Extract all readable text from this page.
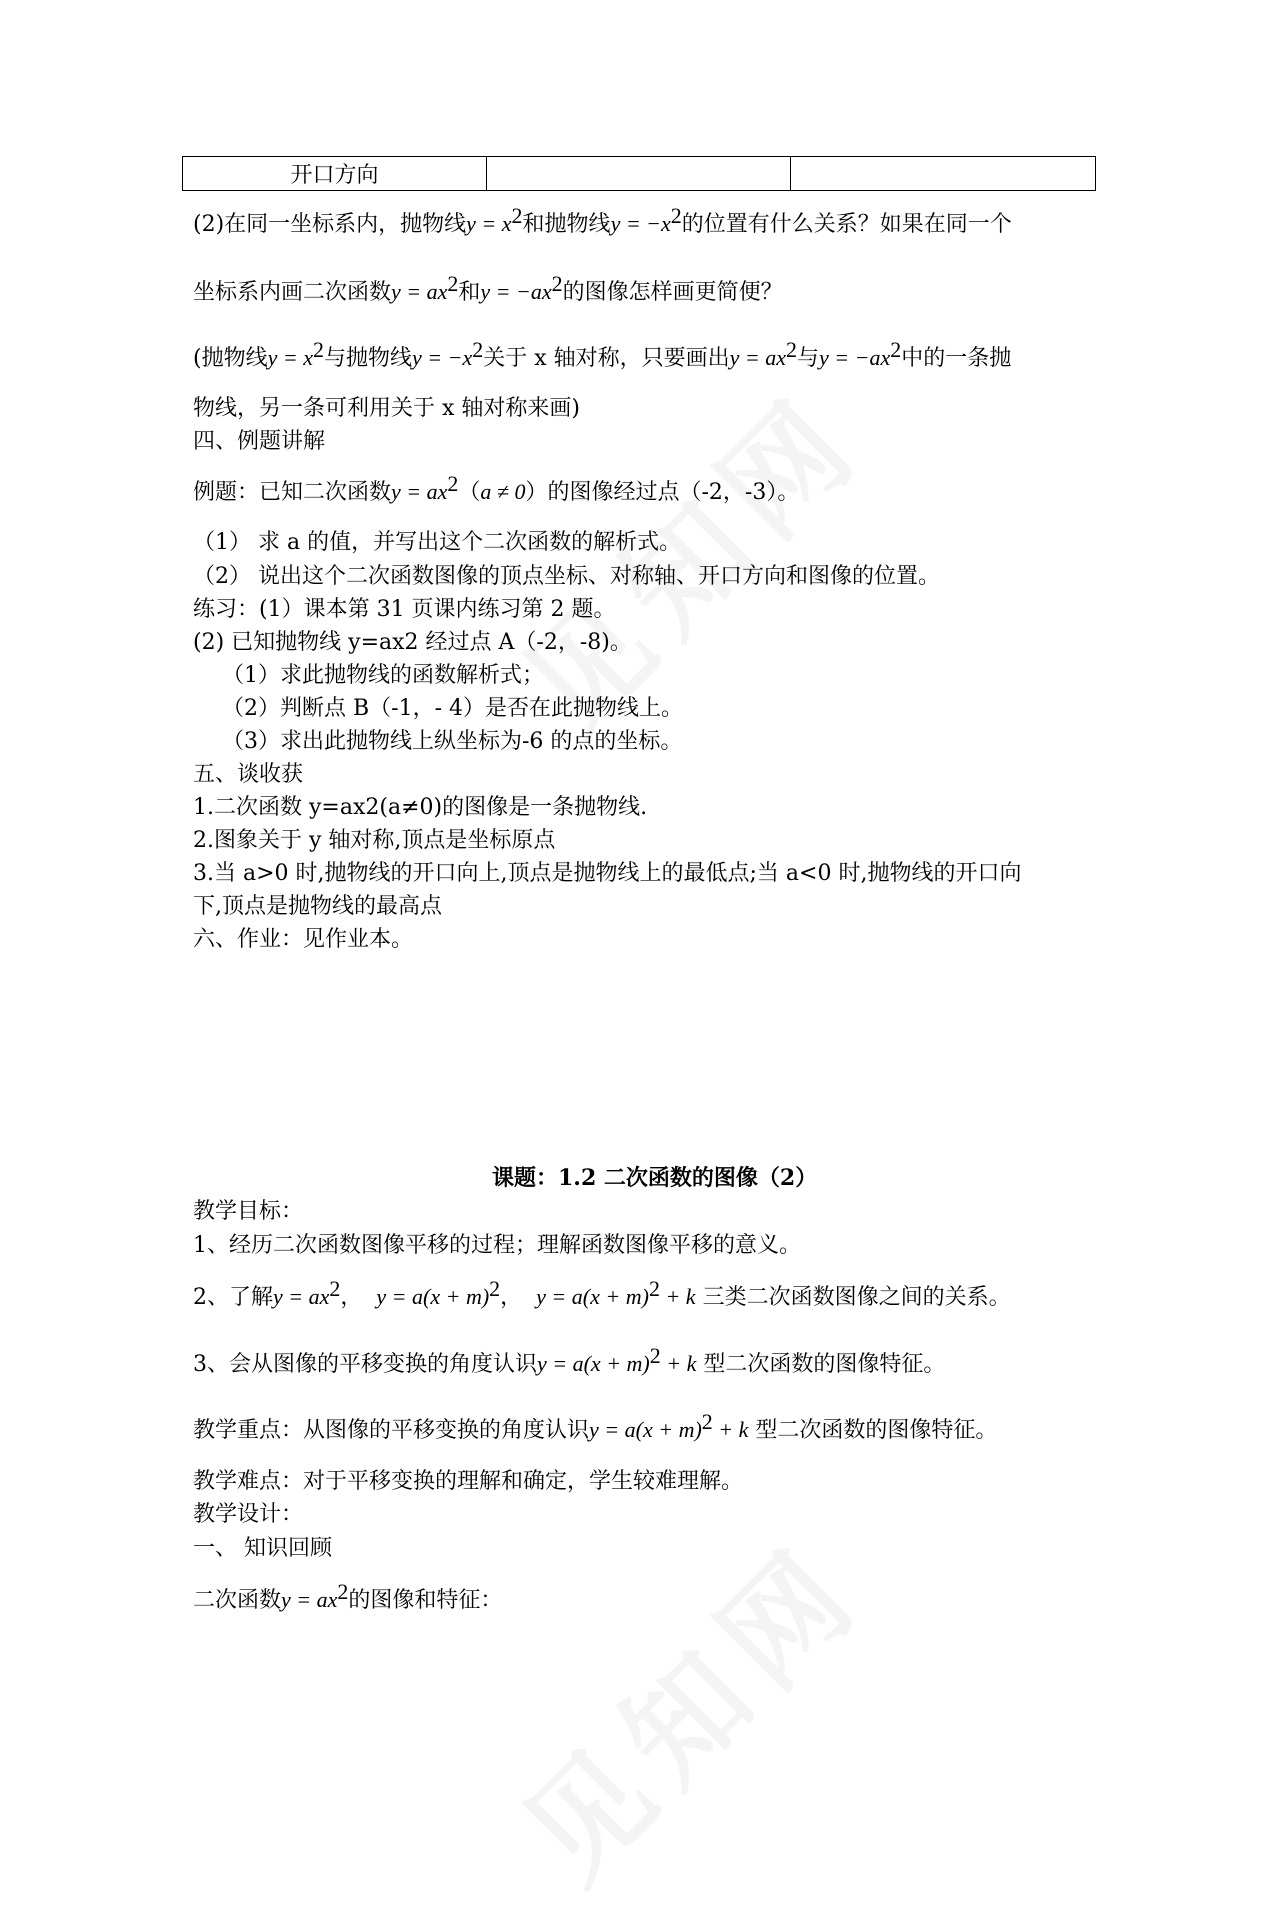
开口方向		
(2)在同一坐标系内，抛物线$y = x^2$和抛物线$y = -x^2$的位置有什么关系？如果在同一个
坐标系内画二次函数$y = ax^2$和$y = -ax^2$的图像怎样画更简便？
(抛物线$y = x^2$与抛物线$y = -x^2$关于 x 轴对称，只要画出$y = ax^2$与$y = -ax^2$中的一条抛
物线，另一条可利用关于 x 轴对称来画)
四、例题讲解
例题：已知二次函数$y = ax^2(a \ne 0)$的图像经过点（-2，-3）。
（1） 求 a 的值，并写出这个二次函数的解析式。
（2） 说出这个二次函数图像的顶点坐标、对称轴、开口方向和图像的位置。
练习：(1）课本第 31 页课内练习第 2 题。
(2) 已知抛物线 y=ax2 经过点 A（-2，-8)。
（1）求此抛物线的函数解析式；
（2）判断点 B（-1，- 4）是否在此抛物线上。
（3）求出此抛物线上纵坐标为-6 的点的坐标。
五、谈收获
1.二次函数 y=ax2(a≠0)的图像是一条抛物线.
2.图象关于 y 轴对称,顶点是坐标原点
3.当 a>0 时,抛物线的开口向上,顶点是抛物线上的最低点;当 a<0 时,抛物线的开口向
下,顶点是抛物线的最高点
六、作业：见作业本。
课题：1.2 二次函数的图像（2）
教学目标：
1、经历二次函数图像平移的过程；理解函数图像平移的意义。
2、了解$y = ax^2$， $y = a(x + m)^2$， $y = a(x + m)^2 + k$ 三类二次函数图像之间的关系。
3、会从图像的平移变换的角度认识$y = a(x + m)^2 + k$ 型二次函数的图像特征。
教学重点：从图像的平移变换的角度认识$y = a(x + m)^2 + k$ 型二次函数的图像特征。
教学难点：对于平移变换的理解和确定，学生较难理解。
教学设计：
一、 知识回顾
二次函数$y = ax^2$的图像和特征：
